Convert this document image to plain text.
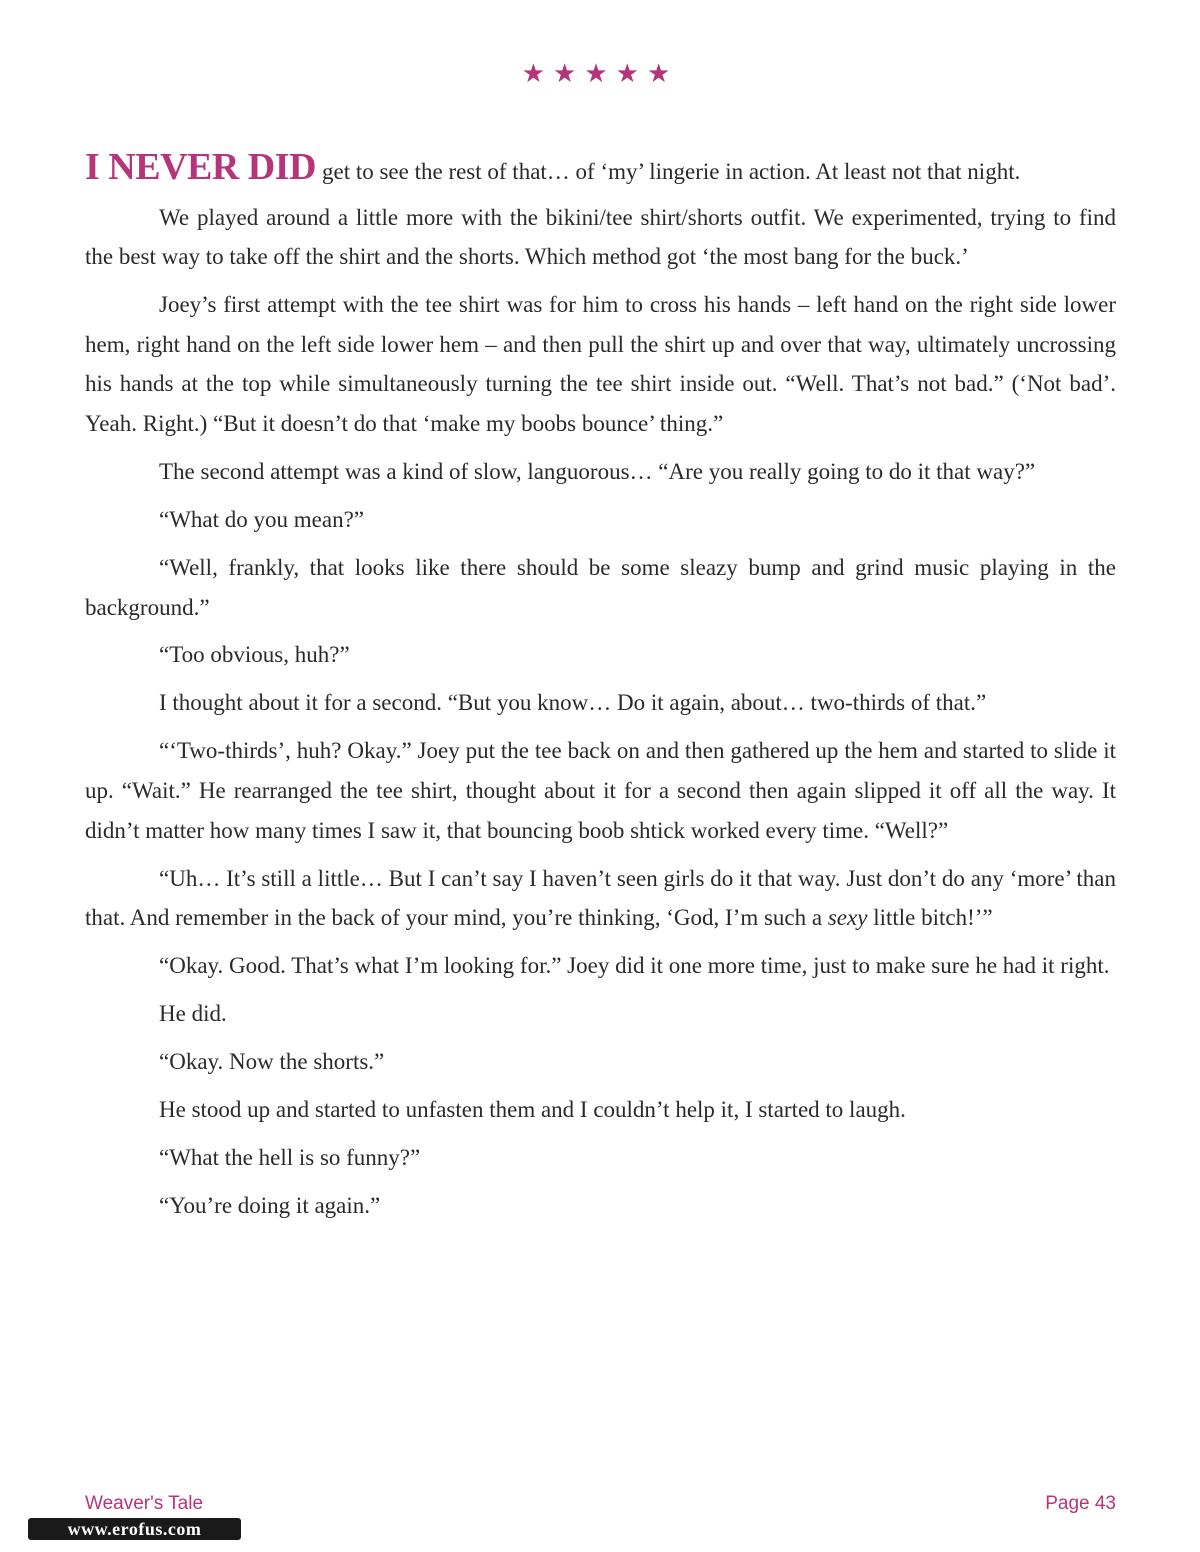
★★★★★

I NEVER DID get to see the rest of that… of ‘my’ lingerie in action. At least not that night.

We played around a little more with the bikini/tee shirt/shorts outfit. We experimented, trying to find the best way to take off the shirt and the shorts. Which method got ‘the most bang for the buck.’

Joey’s first attempt with the tee shirt was for him to cross his hands – left hand on the right side lower hem, right hand on the left side lower hem – and then pull the shirt up and over that way, ultimately uncrossing his hands at the top while simultaneously turning the tee shirt inside out. “Well. That’s not bad.” (‘Not bad’. Yeah. Right.) “But it doesn’t do that ‘make my boobs bounce’ thing.”

The second attempt was a kind of slow, languorous… “Are you really going to do it that way?”

“What do you mean?”

“Well, frankly, that looks like there should be some sleazy bump and grind music playing in the background.”

“Too obvious, huh?”

I thought about it for a second. “But you know… Do it again, about… two-thirds of that.”

“‘Two-thirds’, huh? Okay.” Joey put the tee back on and then gathered up the hem and started to slide it up. “Wait.” He rearranged the tee shirt, thought about it for a second then again slipped it off all the way. It didn’t matter how many times I saw it, that bouncing boob shtick worked every time. “Well?”

“Uh… It’s still a little… But I can’t say I haven’t seen girls do it that way. Just don’t do any ‘more’ than that. And remember in the back of your mind, you’re thinking, ‘God, I’m such a sexy little bitch!’”

“Okay. Good. That’s what I’m looking for.” Joey did it one more time, just to make sure he had it right.

He did.

“Okay. Now the shorts.”

He stood up and started to unfasten them and I couldn’t help it, I started to laugh.

“What the hell is so funny?”

“You’re doing it again.”

Weaver's Tale	Page 43
www.erofus.com
